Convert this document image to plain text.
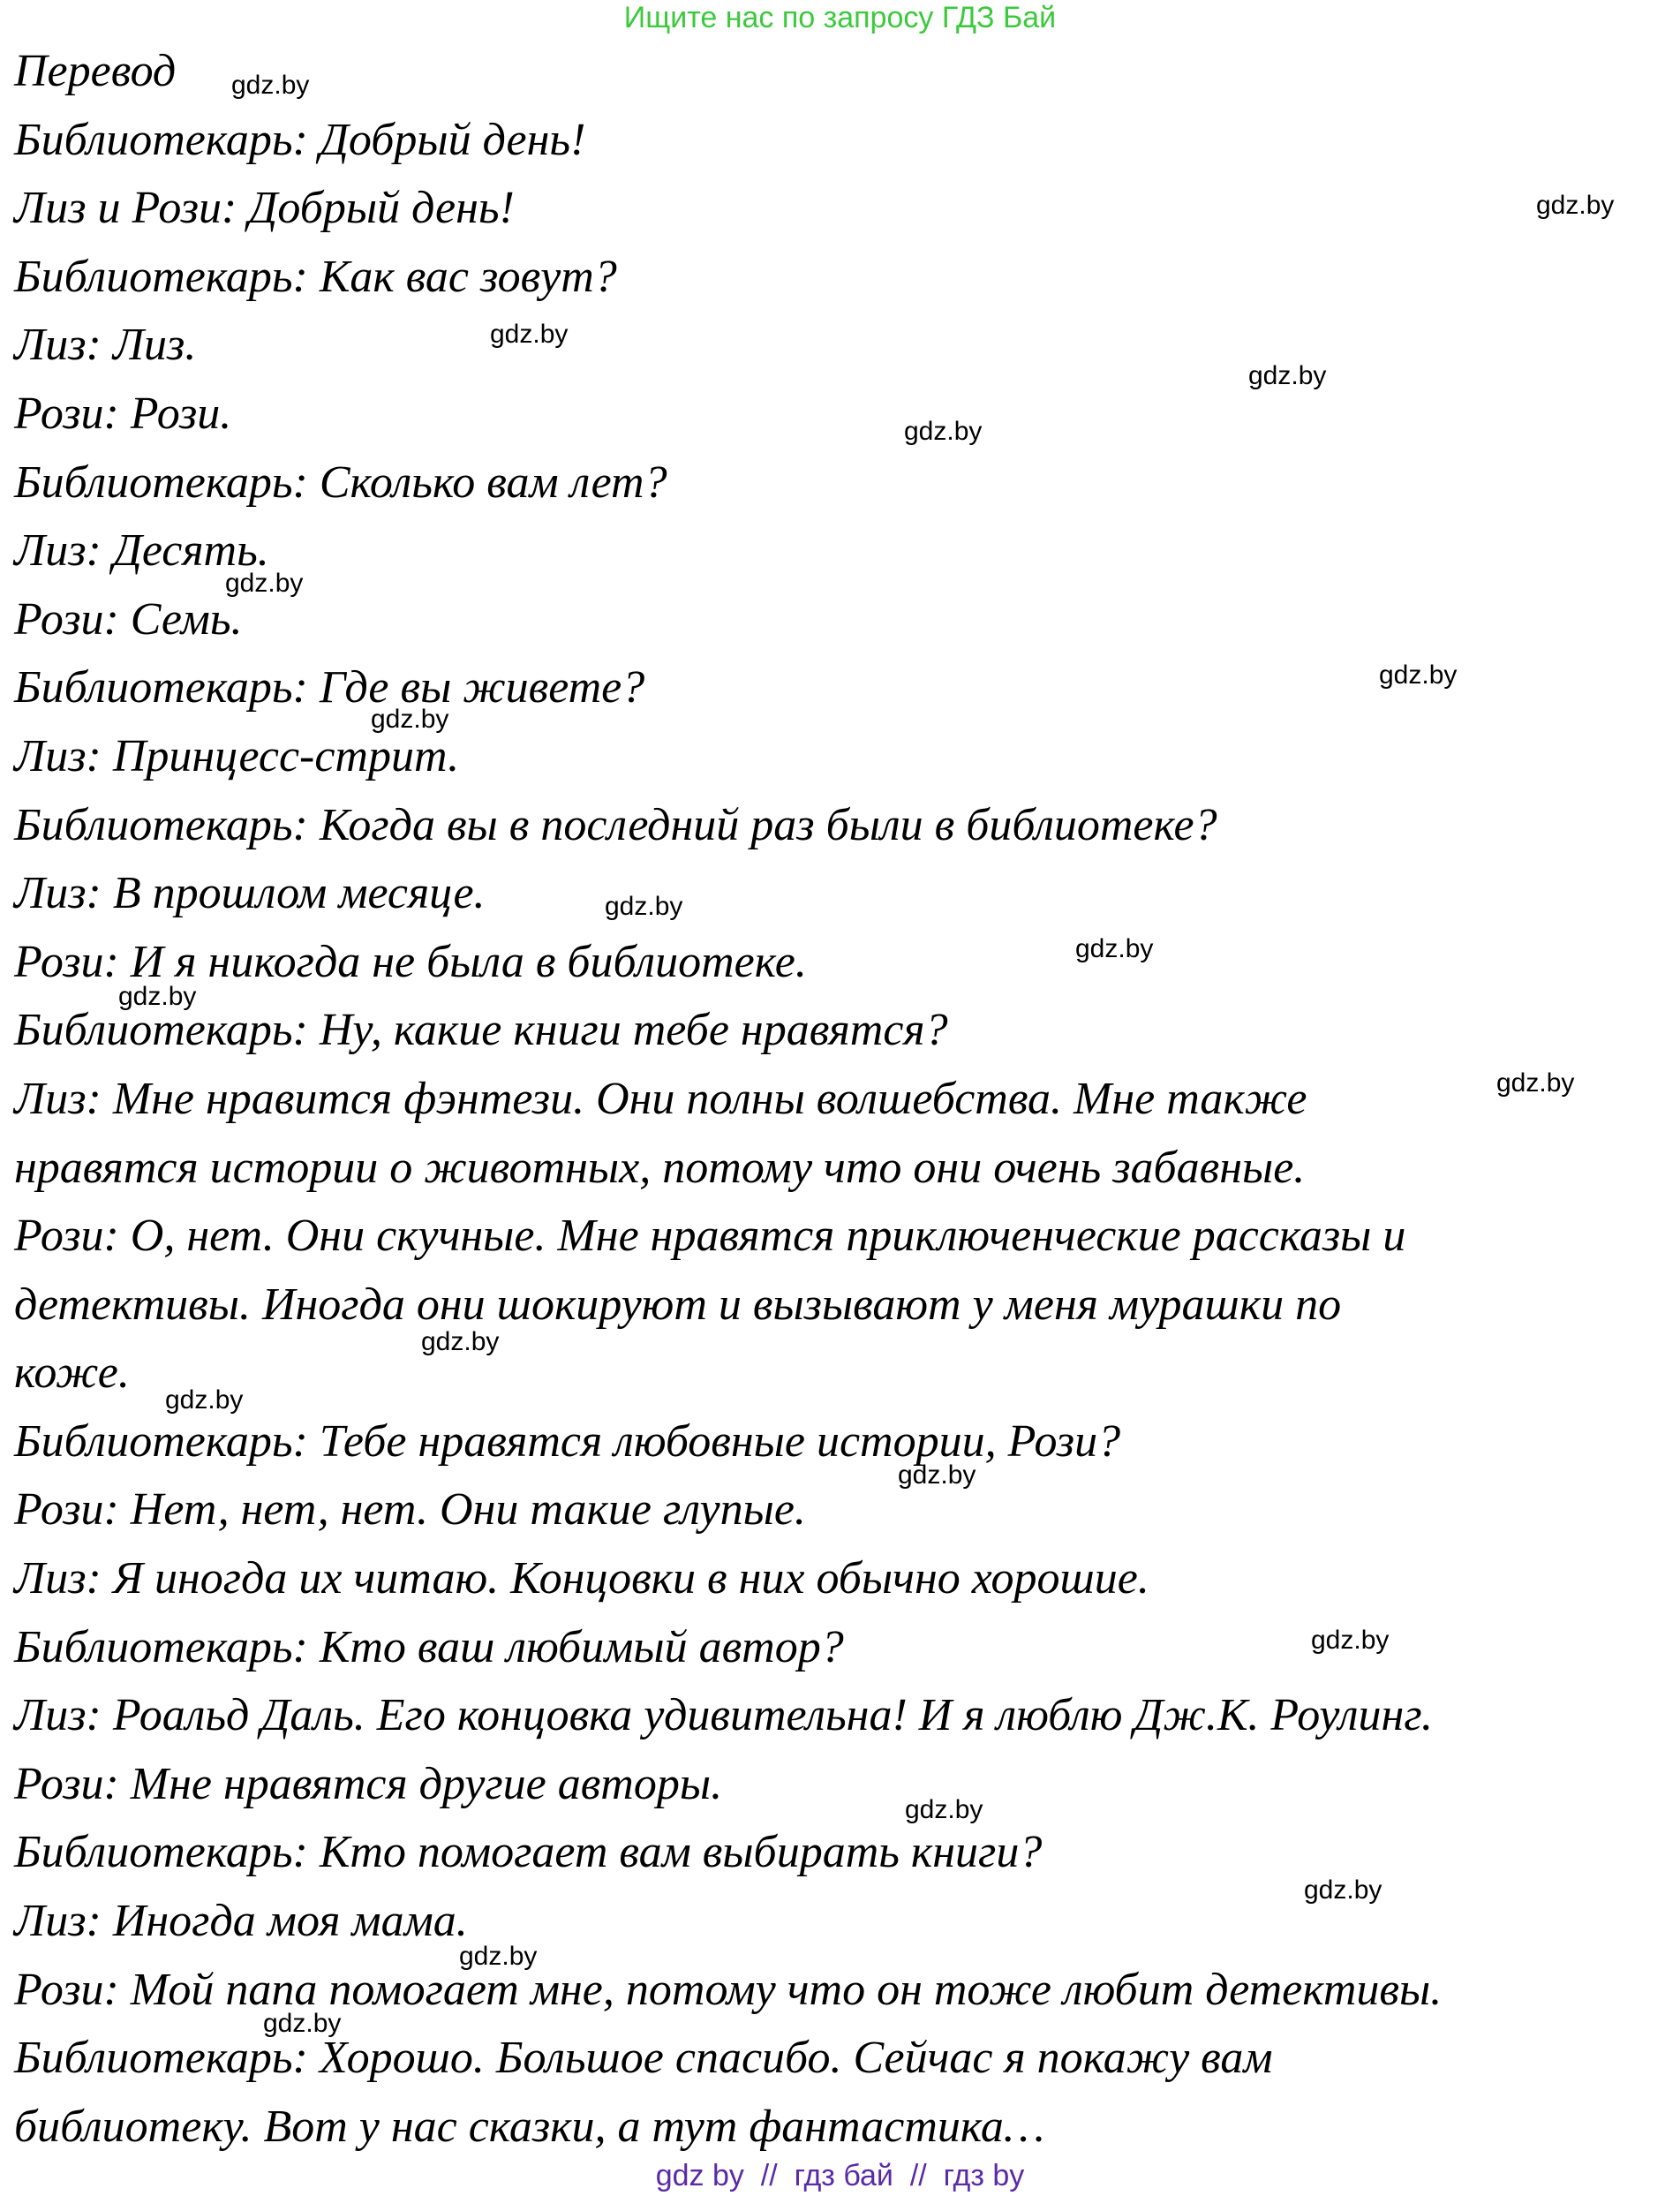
Ищите нас по запросу ГДЗ Бай
Перевод
Библиотекарь: Добрый день!
Лиз и Рози: Добрый день!
Библиотекарь: Как вас зовут?
Лиз: Лиз.
Рози: Рози.
Библиотекарь: Сколько вам лет?
Лиз: Десять.
Рози: Семь.
Библиотекарь: Где вы живете?
Лиз: Принцесс-стрит.
Библиотекарь: Когда вы в последний раз были в библиотеке?
Лиз: В прошлом месяце.
Рози: И я никогда не была в библиотеке.
Библиотекарь: Ну, какие книги тебе нравятся?
Лиз: Мне нравится фэнтези. Они полны волшебства. Мне также
нравятся истории о животных, потому что они очень забавные.
Рози: О, нет. Они скучные. Мне нравятся приключенческие рассказы и
детективы. Иногда они шокируют и вызывают у меня мурашки по
коже.
Библиотекарь: Тебе нравятся любовные истории, Рози?
Рози: Нет, нет, нет. Они такие глупые.
Лиз: Я иногда их читаю. Концовки в них обычно хорошие.
Библиотекарь: Кто ваш любимый автор?
Лиз: Роальд Даль. Его концовка удивительна! И я люблю Дж.К. Роулинг.
Рози: Мне нравятся другие авторы.
Библиотекарь: Кто помогает вам выбирать книги?
Лиз: Иногда моя мама.
Рози: Мой папа помогает мне, потому что он тоже любит детективы.
Библиотекарь: Хорошо. Большое спасибо. Сейчас я покажу вам
библиотеку. Вот у нас сказки, а тут фантастика…
gdz.by
gdz.by
gdz.by
gdz.by
gdz.by
gdz.by
gdz.by
gdz.by
gdz.by
gdz.by
gdz.by
gdz.by
gdz.by
gdz.by
gdz.by
gdz.by
gdz.by
gdz.by
gdz.by
gdz.by
gdz by  //  гдз бай  //  гдз by
